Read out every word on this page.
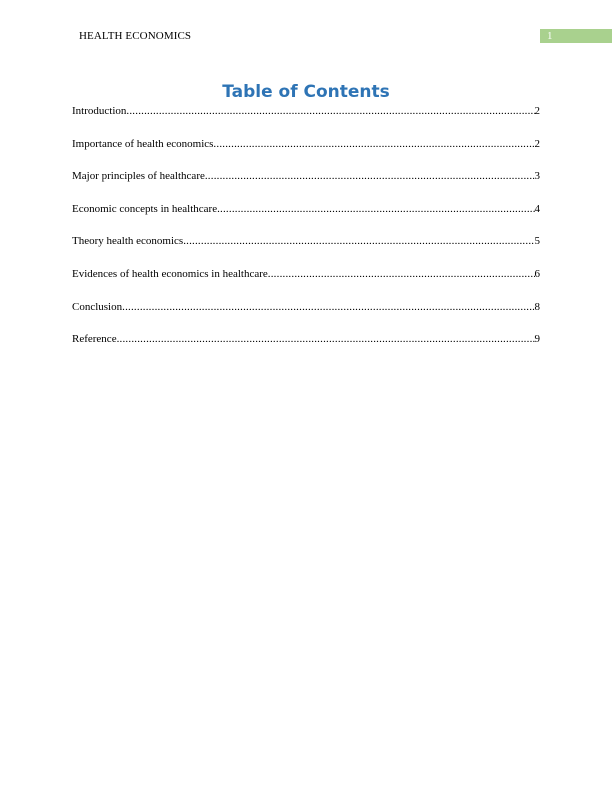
HEALTH ECONOMICS	1
Table of Contents
Introduction .....	2
Importance of health economics .....	2
Major principles of healthcare .....	3
Economic concepts in healthcare .....	4
Theory health economics .....	5
Evidences of health economics in healthcare .....	6
Conclusion .....	8
Reference .....	9
